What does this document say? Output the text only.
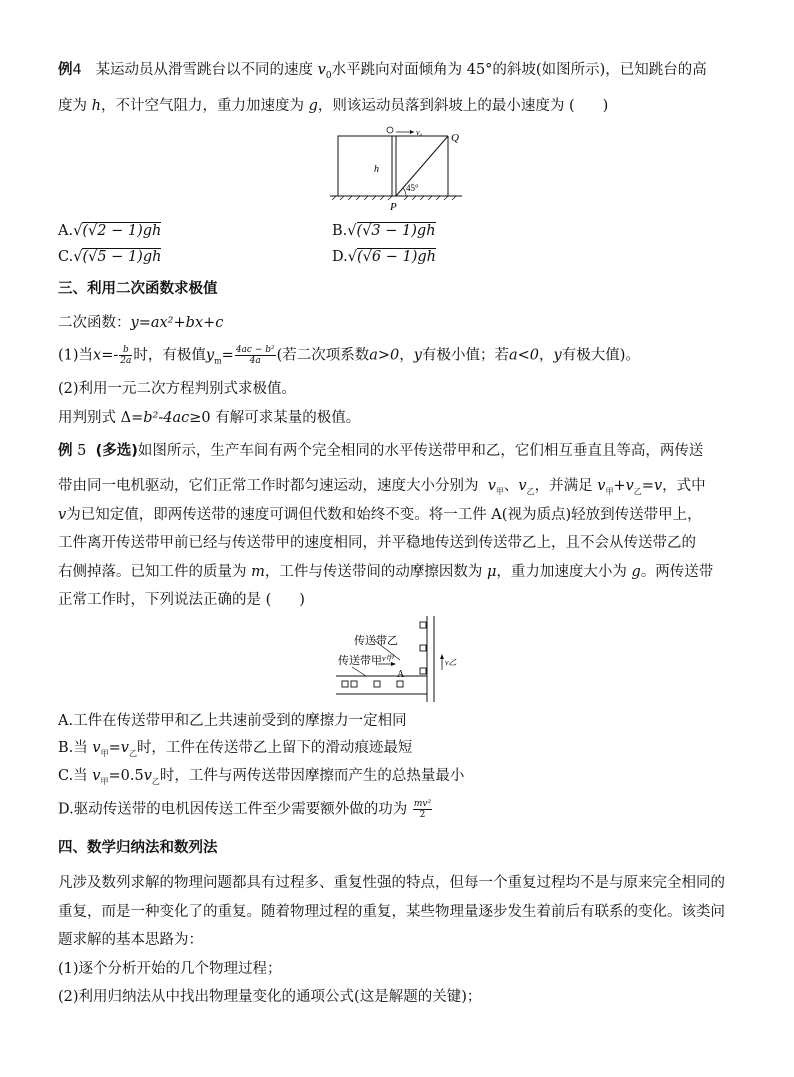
例4 某运动员从滑雪跳台以不同的速度 $v_0$水平跳向对面倾角为 45°的斜坡(如图所示)，已知跳台的高
度为 h，不计空气阻力，重力加速度为 g，则该运动员落到斜坡上的最小速度为 ( )
v₀	Q
h
45°
P
A.√(√2 − 1)gh	B.√(√3 − 1)gh
C.√(√5 − 1)gh	D.√(√6 − 1)gh
三、利用二次函数求极值
二次函数：y=ax²+bx+c
(1)当$x=- \frac{b}{2a}$ 时，有极值$y_m= \frac{\text{4ac − b²}}{4a}$ (若二次项系数a>0，y有极小值；若a<0，y有极大值)。
(2)利用一元二次方程判别式求极值。
用判别式 Δ=b²-4ac≥0 有解可求某量的极值。
例 5 (多选)如图所示，生产车间有两个完全相同的水平传送带甲和乙，它们相互垂直且等高，两传送
带由同一电机驱动，它们正常工作时都匀速运动，速度大小分别为 $v_甲$、$v_乙$，并满足 $v_甲+v_乙=v$，式中
v为已知定值，即两传送带的速度可调但代数和始终不变。将一工件 A(视为质点)轻放到传送带甲上，
工件离开传送带甲前已经与传送带甲的速度相同，并平稳地传送到传送带乙上，且不会从传送带乙的
右侧掉落。已知工件的质量为 m，工件与传送带间的动摩擦因数为 μ，重力加速度大小为 g。两传送带
正常工作时，下列说法正确的是 ( )
传送带乙
传送带甲 v甲	v乙
A
A.工件在传送带甲和乙上共速前受到的摩擦力一定相同
B.当 $v_甲=v_乙$时，工件在传送带乙上留下的滑动痕迹最短
C.当 $v_甲=0.5v_乙$时，工件与两传送带因摩擦而产生的总热量最小
D.驱动传送带的电机因传送工件至少需要额外做的功为 $\frac{\text{mv²}}{2}$
四、数学归纳法和数列法
凡涉及数列求解的物理问题都具有过程多、重复性强的特点，但每一个重复过程均不是与原来完全相同的
重复，而是一种变化了的重复。随着物理过程的重复，某些物理量逐步发生着前后有联系的变化。该类问
题求解的基本思路为：
(1)逐个分析开始的几个物理过程；
(2)利用归纳法从中找出物理量变化的通项公式(这是解题的关键)；
